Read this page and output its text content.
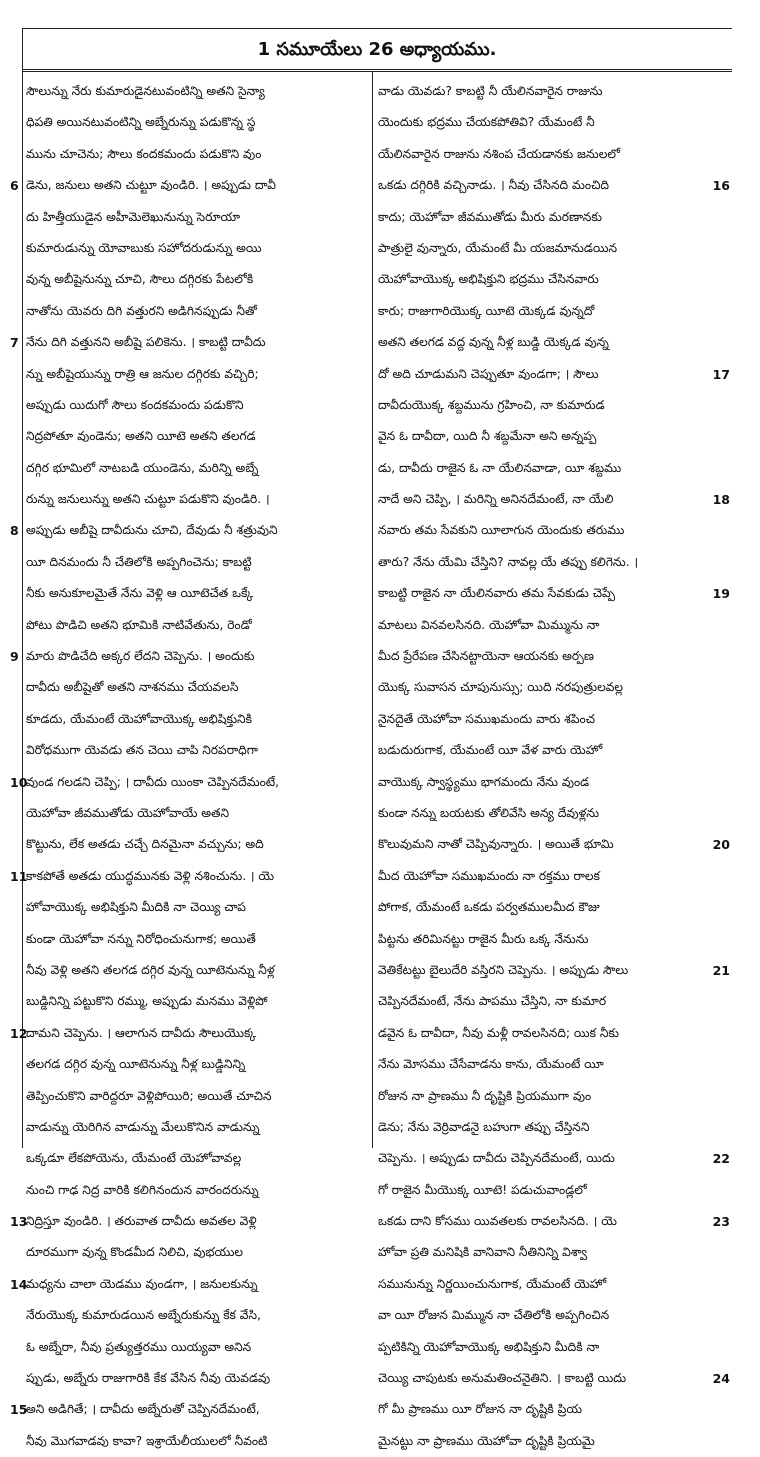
1 సమూయేలు 26 అధ్యాయము.
సౌలున్ను నేరు కుమారుడైనటువంటిన్ని అతని సైన్యా
ధిపతి అయినటువంటిన్ని అబ్నేరున్ను పడుకొన్న స్థ
మును చూచెను; సౌలు కందకమందు పడుకొని వుం
6 డెను, జనులు అతని చుట్టూ వుండిరి. । అప్పుడు దావీ
దు హిత్తీయుడైన అహీమెలెఖునున్ను సెరూయా
కుమారుడున్ను యోవాబుకు సహోదరుడున్ను అయి
వున్న అబీషైనున్ను చూచి, సౌలు దగ్గిరకు పేటలోకి
నాతోను యెవరు దిగి వత్తురని అడిగినప్పుడు నీతో
7 నేను దిగి వత్తునని అబీషై పలికెను. । కాబట్టి దావీదు
న్ను అబీషైయున్ను రాత్రి ఆ జనుల దగ్గిరకు వచ్చిరి;
అప్పుడు యిదుగో సౌలు కందకమందు పడుకొని
నిద్రపోతూ వుండెను; అతని యీటె అతని తలగడ
దగ్గిర భూమిలో నాటబడి యుండెను, మరిన్ని అబ్నే
రున్ను జనులున్ను అతని చుట్టూ పడుకొని వుండిరి. ।
8 అప్పుడు అబీషై దావీదును చూచి, దేవుడు నీ శత్రువుని
యీ దినమందు నీ చేతిలోకి అప్పగించెను; కాబట్టి
నీకు అనుకూలమైతే నేను వెళ్లి ఆ యీటెచేత ఒక్కే
పోటు పొడిచి అతని భూమికి నాటివేతును, రెండో
9 మారు పొడిచేది అక్కర లేదని చెప్పెను. । అందుకు
దావీదు అబీషైతో అతని నాశనము చేయవలసి
కూడదు, యేమంటే యెహోవాయొక్క అభిషిక్తునికి
విరోధముగా యెవడు తన చెయి చాపి నిరపరాధిగా
10
వుండ గలడని చెప్పి; । దావీదు యింకా చెప్పినదేమంటే,
యెహోవా జీవముతోడు యెహోవాయే అతని
కొట్టును, లేక అతడు చచ్చే దినమైనా వచ్చును; అది
11
కాకపోతే అతడు యుద్ధమునకు వెళ్లి నశించును. । యె
హోవాయొక్క అభిషిక్తుని మీదికి నా చెయ్యి చాప
కుండా యెహోవా నన్ను నిరోధించునుగాక; అయితే
నీవు వెళ్లి అతని తలగడ దగ్గిర వున్న యీటెనున్ను నీళ్ల
బుడ్డినిన్ని పట్టుకొని రమ్ము, అప్పుడు మనము వెళ్లిపో
12
దామని చెప్పెను. । ఆలాగున దావీదు సౌలుయొక్క
తలగడ దగ్గిర వున్న యీటెనున్ను నీళ్ల బుడ్డినిన్ని
తెప్పించుకొని వారిద్దరూ వెళ్లిపోయిరి; అయితే చూచిన
వాడున్ను యెరిగిన వాడున్ను మేలుకొనిన వాడున్ను
ఒక్కడూ లేకపోయెను, యేమంటే యెహోవావల్ల
నుంచి గాఢ నిద్ర వారికి కలిగినందున వారందరున్ను
13
నిద్రిస్తూ వుండిరి. । తరువాత దావీదు అవతల వెళ్లి
దూరముగా వున్న కొండమీద నిలిచి, వుభయుల
14
మధ్యను చాలా యెడము వుండగా, । జనులకున్ను
నేరుయొక్క కుమారుడయిన అబ్నేరుకున్ను కేక వేసి,
ఓ అబ్నేరా, నీవు ప్రత్యుత్తరము యియ్యవా అనిన
ప్పుడు, అబ్నేరు రాజుగారికి కేక వేసిన నీవు యెవడవు
15
అని అడిగితే; । దావీదు అబ్నేరుతో చెప్పినదేమంటే,
నీవు మొగవాడవు కావా? ఇశ్రాయేలీయులలో నీవంటి
వాడు యెవడు? కాబట్టి నీ యేలినవారైన రాజును
యెందుకు భద్రము చేయకపోతివి? యేమంటే నీ
యేలినవారైన రాజును నశింప చేయడానకు జనులలో
16
ఒకడు దగ్గిరికి వచ్చినాడు. । నీవు చేసినది మంచిది
కాదు; యెహోవా జీవముతోడు మీరు మరణానకు
పాత్రులై వున్నారు, యేమంటే మీ యజమానుడయిన
యెహోవాయొక్క అభిషిక్తుని భద్రము చేసినవారు
కారు; రాజుగారియొక్క యీటె యెక్కడ వున్నదో
అతని తలగడ వద్ద వున్న నీళ్ల బుడ్డి యెక్కడ వున్న
17
దో అది చూడుమని చెప్పుతూ వుండగా; । సౌలు
దావీదుయొక్క శబ్దమును గ్రహించి, నా కుమారుడ
వైన ఓ దావీదా, యిది నీ శబ్దమేనా అని అన్నప్ప
డు, దావీదు రాజైన ఓ నా యేలినవాడా, యీ శబ్దము
18
నాదే అని చెప్పి, । మరిన్ని అనినదేమంటే, నా యేలి
నవారు తమ సేవకుని యీలాగున యెందుకు తరుము
తారు? నేను యేమి చేస్తిని? నావల్ల యే తప్పు కలిగెను. ।
19
కాబట్టి రాజైన నా యేలినవారు తమ సేవకుడు చెప్పే
మాటలు వినవలసినది. యెహోవా మిమ్మును నా
మీద ప్రేరేపణ చేసినట్టాయెనా ఆయనకు అర్పణ
యొక్క సువాసన చూపునుస్సు; యిది నరపుత్రులవల్ల
నైనదైతే యెహోవా సముఖమందు వారు శపించ
బడుదురుగాక, యేమంటే యీ వేళ వారు యెహో
వాయొక్క స్వాస్థ్యము భాగమందు నేను వుండ
కుండా నన్ను బయటకు తోలివేసి అన్య దేవుళ్లను
20
కొలువుమని నాతో చెప్పివున్నారు. । అయితే భూమి
మీద యెహోవా సముఖమందు నా రక్తము రాలక
పోగాక, యేమంటే ఒకడు పర్వతములమీద కౌజు
పిట్టను తరిమినట్టు రాజైన మీరు ఒక్క నేనును
21
వెతికేటట్టు బైలుదేరి వస్తిరని చెప్పెను. । అప్పుడు సౌలు
చెప్పినదేమంటే, నేను పాపము చేస్తిని, నా కుమార
డవైన ఓ దావీదా, నీవు మళ్లీ రావలసినది; యిక నీకు
నేను మోసము చేసేవాడను కాను, యేమంటే యీ
రోజున నా ప్రాణము నీ దృష్టికి ప్రియముగా వుం
డెను; నేను వెర్రివాడనై బహుగా తప్పు చేస్తినని
22
చెప్పెను. । అప్పుడు దావీదు చెప్పినదేమంటే, యిదు
గో రాజైన మీయొక్క యీటె! పడుచువాండ్లలో
23
ఒకడు దాని కోసము యివతలకు రావలసినది. । యె
హోవా ప్రతి మనిషికి వానివాని నీతినిన్ని విశ్వా
సమునున్ను నిర్ణయించునుగాక, యేమంటే యెహో
వా యీ రోజున మిమ్మున నా చేతిలోకి అప్పగించిన
ప్పటికిన్ని యెహోవాయొక్క అభిషిక్తుని మీదికి నా
24
చెయ్యి చాపుటకు అనుమతించనైతిని. । కాబట్టి యిదు
గో మీ ప్రాణము యీ రోజున నా దృష్టికి ప్రియ
మైనట్టు నా ప్రాణము యెహోవా దృష్టికి ప్రియమై
